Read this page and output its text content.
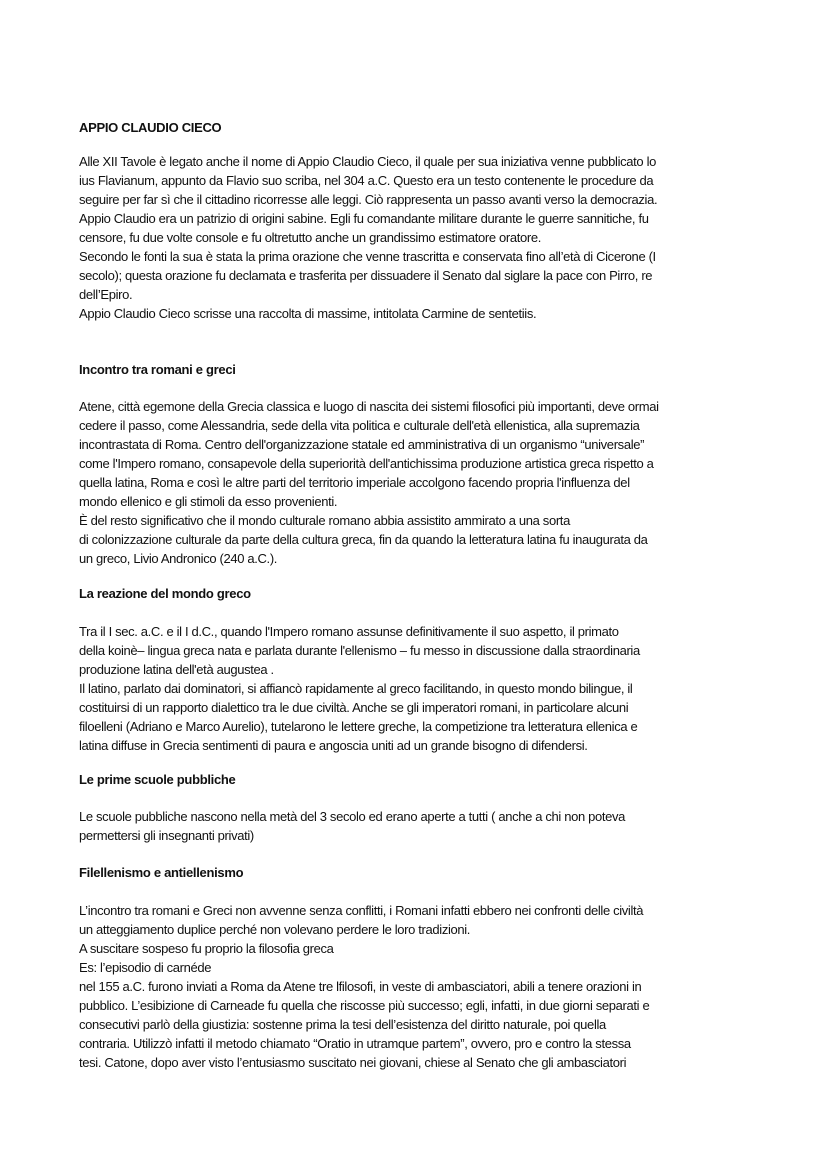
APPIO CLAUDIO CIECO
Alle XII Tavole è legato anche il nome di Appio Claudio Cieco, il quale per sua iniziativa venne pubblicato lo
ius Flavianum, appunto da Flavio suo scriba, nel 304 a.C. Questo era un testo contenente le procedure da
seguire per far sì che il cittadino ricorresse alle leggi. Ciò rappresenta un passo avanti verso la democrazia.
Appio Claudio era un patrizio di origini sabine. Egli fu comandante militare durante le guerre sannitiche, fu
censore, fu due volte console e fu oltretutto anche un grandissimo estimatore oratore.
Secondo le fonti la sua è stata la prima orazione che venne trascritta e conservata fino all’età di Cicerone (I
secolo); questa orazione fu declamata e trasferita per dissuadere il Senato dal siglare la pace con Pirro, re
dell’Epiro.
Appio Claudio Cieco scrisse una raccolta di massime, intitolata Carmine de sentetiis.
Incontro tra romani e greci
Atene, città egemone della Grecia classica e luogo di nascita dei sistemi filosofici più importanti, deve ormai
cedere il passo, come Alessandria, sede della vita politica e culturale dell'età ellenistica, alla supremazia
incontrastata di Roma. Centro dell'organizzazione statale ed amministrativa di un organismo “universale”
come l'Impero romano, consapevole della superiorità dell'antichissima produzione artistica greca rispetto a
quella latina, Roma e così le altre parti del territorio imperiale accolgono facendo propria l'influenza del
mondo ellenico e gli stimoli da esso provenienti.
È del resto significativo che il mondo culturale romano abbia assistito ammirato a una sorta
di colonizzazione culturale da parte della cultura greca, fin da quando la letteratura latina fu inaugurata da
un greco, Livio Andronico (240 a.C.).
La reazione del mondo greco
Tra il I sec. a.C. e il I d.C., quando l'Impero romano assunse definitivamente il suo aspetto, il primato
della koinè– lingua greca nata e parlata durante l'ellenismo – fu messo in discussione dalla straordinaria
produzione latina dell'età augustea .
Il latino, parlato dai dominatori, si affiancò rapidamente al greco facilitando, in questo mondo bilingue, il
costituirsi di un rapporto dialettico tra le due civiltà. Anche se gli imperatori romani, in particolare alcuni
filoelleni (Adriano e Marco Aurelio), tutelarono le lettere greche, la competizione tra letteratura ellenica e
latina diffuse in Grecia sentimenti di paura e angoscia uniti ad un grande bisogno di difendersi.
Le prime scuole pubbliche
Le scuole pubbliche nascono nella metà del 3 secolo ed erano aperte a tutti ( anche a chi non poteva
permettersi gli insegnanti privati)
Filellenismo e antiellenismo
L’incontro tra romani e Greci non avvenne senza conflitti, i Romani infatti ebbero nei confronti delle civiltà
un atteggiamento duplice perché non volevano perdere le loro tradizioni.
A suscitare sospeso fu proprio la filosofia greca
Es: l’episodio di carnéde
nel 155 a.C. furono inviati a Roma da Atene tre lfilosofi, in veste di ambasciatori, abili a tenere orazioni in
pubblico. L’esibizione di Carneade fu quella che riscosse più successo; egli, infatti, in due giorni separati e
consecutivi parlò della giustizia: sostenne prima la tesi dell’esistenza del diritto naturale, poi quella
contraria. Utilizzò infatti il metodo chiamato “Oratio in utramque partem”, ovvero, pro e contro la stessa
tesi. Catone, dopo aver visto l’entusiasmo suscitato nei giovani, chiese al Senato che gli ambasciatori
